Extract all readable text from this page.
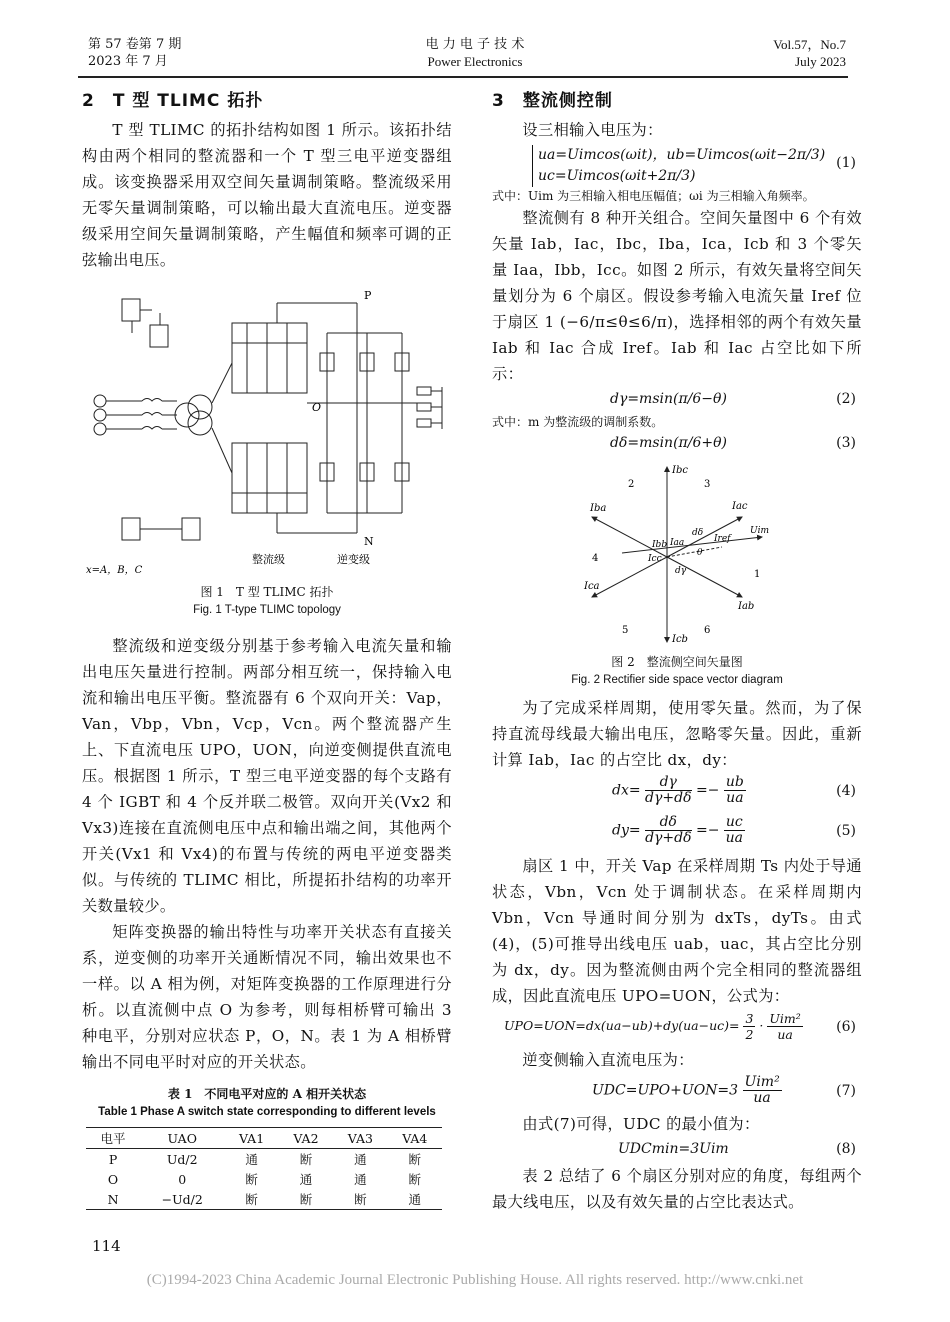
第 57 卷第 7 期
2023 年 7 月
电 力 电 子 技 术
Power Electronics
Vol.57，No.7
July 2023
2　T 型 TLIMC 拓扑

T 型 TLIMC 的拓扑结构如图 1 所示。该拓扑结构由两个相同的整流器和一个 T 型三电平逆变器组成。该变换器采用双空间矢量调制策略。整流级采用无零矢量调制策略，可以输出最大直流电压。逆变器级采用空间矢量调制策略，产生幅值和频率可调的正弦输出电压。

P
N
O
整流级	逆变级
x=A，B，C
图 1　T 型 TLIMC 拓扑
Fig. 1 T-type TLIMC topology

整流级和逆变级分别基于参考输入电流矢量和输出电压矢量进行控制。两部分相互统一，保持输入电流和输出电压平衡。整流器有 6 个双向开关：Vap，Van，Vbp，Vbn，Vcp，Vcn。两个整流器产生上、下直流电压 UPO，UON，向逆变侧提供直流电压。根据图 1 所示，T 型三电平逆变器的每个支路有 4 个 IGBT 和 4 个反并联二极管。双向开关(Vx2 和 Vx3)连接在直流侧电压中点和输出端之间，其他两个开关(Vx1 和 Vx4)的布置与传统的两电平逆变器类似。与传统的 TLIMC 相比，所提拓扑结构的功率开关数量较少。

矩阵变换器的输出特性与功率开关状态有直接关系，逆变侧的功率开关通断情况不同，输出效果也不一样。以 A 相为例，对矩阵变换器的工作原理进行分析。以直流侧中点 O 为参考，则每相桥臂可输出 3 种电平，分别对应状态 P，O，N。表 1 为 A 相桥臂输出不同电平时对应的开关状态。

表 1　不同电平对应的 A 相开关状态
Table 1 Phase A switch state corresponding to different levels
电平	UAO	VA1	VA2	VA3	VA4
P	Ud/2	通	断	通	断
O	0	断	通	通	断
N	−Ud/2	断	断	断	通
114
3　整流侧控制

设三相输入电压为：

ua=Uimcos(ωit)，ub=Uimcos(ωit−2π/3)
uc=Uimcos(ωit+2π/3)
(1)
式中：Uim 为三相输入相电压幅值；ωi 为三相输入角频率。

整流侧有 8 种开关组合。空间矢量图中 6 个有效矢量 Iab，Iac，Ibc，Iba，Ica，Icb 和 3 个零矢量 Iaa，Ibb，Icc。如图 2 所示，有效矢量将空间矢量划分为 6 个扇区。假设参考输入电流矢量 Iref 位于扇区 1 (−6/π≤θ≤6/π)，选择相邻的两个有效矢量 Iab 和 Iac 合成 Iref。Iab 和 Iac 占空比如下所示：

dγ=msin(π/6−θ)	(2)
式中：m 为整流级的调制系数。
dδ=msin(π/6+θ)	(3)
Ibc
Iac
Iba
Iab
Ica
Icb
Iref
Uim
Iaa
Ibb
Icc
dγ
dδ
θ
1
2	3
4
5	6
图 2　整流侧空间矢量图
Fig. 2 Rectifier side space vector diagram

为了完成采样周期，使用零矢量。然而，为了保持直流母线最大输出电压，忽略零矢量。因此，重新计算 Iab，Iac 的占空比 dx，dy：

$dx= \frac{d\gamma}{d\gamma+d\delta} =- \frac{ub}{ua}$	(4)
$dy= \frac{d\delta}{d\gamma+d\delta} =- \frac{uc}{ua}$	(5)

扇区 1 中，开关 Vap 在采样周期 Ts 内处于导通状态，Vbn，Vcn 处于调制状态。在采样周期内 Vbn，Vcn 导通时间分别为 dxTs，dyTs。由式(4)，(5)可推导出线电压 uab，uac，其占空比分别为 dx，dy。因为整流侧由两个完全相同的整流器组成，因此直流电压 UPO=UON，公式为：

$UPO=UON=dx(ua-ub)+dy(ua-uc)= \frac{3}{2} \cdot \frac{\text{Uim²}}{ua} (6)$

逆变侧输入直流电压为：

$UDC=UPO+UON=3 \frac{\text{Uim²}}{ua}$	(7)

由式(7)可得，UDC 的最小值为：

UDCmin=3Uim	(8)

表 2 总结了 6 个扇区分别对应的角度，每组两个最大线电压，以及有效矢量的占空比表达式。

(C)1994-2023 China Academic Journal Electronic Publishing House. All rights reserved. http://www.cnki.net
